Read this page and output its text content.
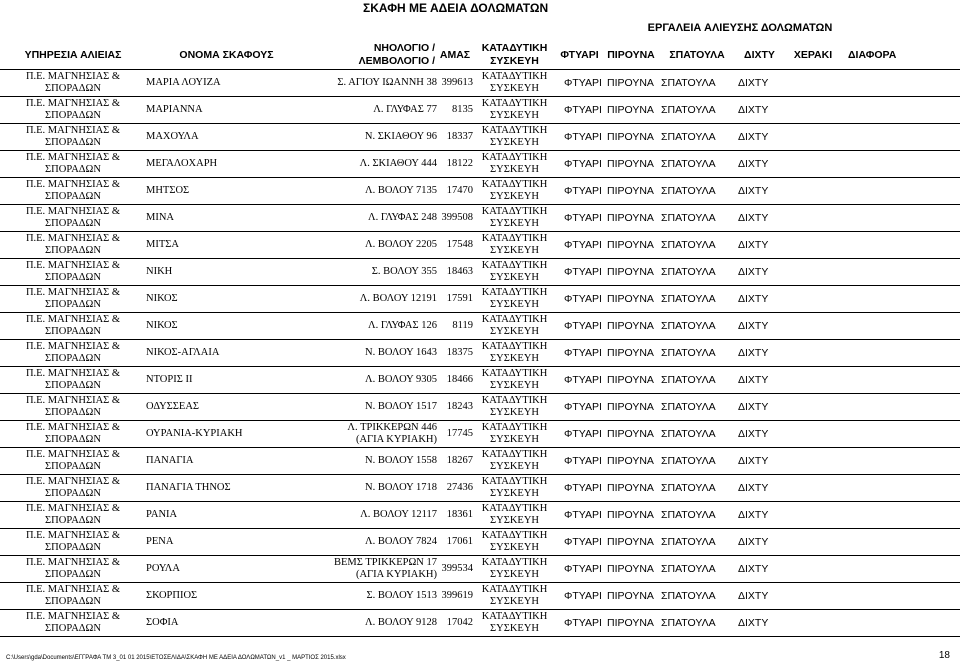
ΣΚΑΦΗ ΜΕ ΑΔΕΙΑ ΔΟΛΩΜΑΤΩΝ
ΕΡΓΑΛΕΙΑ ΑΛΙΕΥΣΗΣ ΔΟΛΩΜΑΤΩΝ
ΥΠΗΡΕΣΙΑ ΑΛΙΕΙΑΣ	ΟΝΟΜΑ ΣΚΑΦΟΥΣ	ΝΗΟΛΟΓΙΟ /
ΛΕΜΒΟΛΟΓΙΟ /	ΑΜΑΣ	ΚΑΤΑΔΥΤΙΚΗ
ΣΥΣΚΕΥΗ	ΦΤΥΑΡΙ	ΠΙΡΟΥΝΑ	ΣΠΑΤΟΥΛΑ	ΔΙΧΤΥ	ΧΕΡΑΚΙ	ΔΙΑΦΟΡΑ
Π.Ε. ΜΑΓΝΗΣΙΑΣ &
ΣΠΟΡΑΔΩΝ	ΜΑΡΙΑ ΛΟΥΙΖΑ	Σ. ΑΓΙΟΥ ΙΩΑΝΝΗ 38	399613	ΚΑΤΑΔΥΤΙΚΗ
ΣΥΣΚΕΥΗ	ΦΤΥΑΡΙ	ΠΙΡΟΥΝΑ	ΣΠΑΤΟΥΛΑ	ΔΙΧΤΥ		
Π.Ε. ΜΑΓΝΗΣΙΑΣ &
ΣΠΟΡΑΔΩΝ	ΜΑΡΙΑΝΝΑ	Λ. ΓΛΥΦΑΣ 77	8135	ΚΑΤΑΔΥΤΙΚΗ
ΣΥΣΚΕΥΗ	ΦΤΥΑΡΙ	ΠΙΡΟΥΝΑ	ΣΠΑΤΟΥΛΑ	ΔΙΧΤΥ		
Π.Ε. ΜΑΓΝΗΣΙΑΣ &
ΣΠΟΡΑΔΩΝ	ΜΑΧΟΥΛΑ	Ν. ΣΚΙΑΘΟΥ 96	18337	ΚΑΤΑΔΥΤΙΚΗ
ΣΥΣΚΕΥΗ	ΦΤΥΑΡΙ	ΠΙΡΟΥΝΑ	ΣΠΑΤΟΥΛΑ	ΔΙΧΤΥ		
Π.Ε. ΜΑΓΝΗΣΙΑΣ &
ΣΠΟΡΑΔΩΝ	ΜΕΓΑΛΟΧΑΡΗ	Λ. ΣΚΙΑΘΟΥ 444	18122	ΚΑΤΑΔΥΤΙΚΗ
ΣΥΣΚΕΥΗ	ΦΤΥΑΡΙ	ΠΙΡΟΥΝΑ	ΣΠΑΤΟΥΛΑ	ΔΙΧΤΥ		
Π.Ε. ΜΑΓΝΗΣΙΑΣ &
ΣΠΟΡΑΔΩΝ	ΜΗΤΣΟΣ	Λ. ΒΟΛΟΥ 7135	17470	ΚΑΤΑΔΥΤΙΚΗ
ΣΥΣΚΕΥΗ	ΦΤΥΑΡΙ	ΠΙΡΟΥΝΑ	ΣΠΑΤΟΥΛΑ	ΔΙΧΤΥ		
Π.Ε. ΜΑΓΝΗΣΙΑΣ &
ΣΠΟΡΑΔΩΝ	ΜΙΝΑ	Λ. ΓΛΥΦΑΣ 248	399508	ΚΑΤΑΔΥΤΙΚΗ
ΣΥΣΚΕΥΗ	ΦΤΥΑΡΙ	ΠΙΡΟΥΝΑ	ΣΠΑΤΟΥΛΑ	ΔΙΧΤΥ		
Π.Ε. ΜΑΓΝΗΣΙΑΣ &
ΣΠΟΡΑΔΩΝ	ΜΙΤΣΑ	Λ. ΒΟΛΟΥ 2205	17548	ΚΑΤΑΔΥΤΙΚΗ
ΣΥΣΚΕΥΗ	ΦΤΥΑΡΙ	ΠΙΡΟΥΝΑ	ΣΠΑΤΟΥΛΑ	ΔΙΧΤΥ		
Π.Ε. ΜΑΓΝΗΣΙΑΣ &
ΣΠΟΡΑΔΩΝ	ΝΙΚΗ	Σ. ΒΟΛΟΥ 355	18463	ΚΑΤΑΔΥΤΙΚΗ
ΣΥΣΚΕΥΗ	ΦΤΥΑΡΙ	ΠΙΡΟΥΝΑ	ΣΠΑΤΟΥΛΑ	ΔΙΧΤΥ		
Π.Ε. ΜΑΓΝΗΣΙΑΣ &
ΣΠΟΡΑΔΩΝ	ΝΙΚΟΣ	Λ. ΒΟΛΟΥ 12191	17591	ΚΑΤΑΔΥΤΙΚΗ
ΣΥΣΚΕΥΗ	ΦΤΥΑΡΙ	ΠΙΡΟΥΝΑ	ΣΠΑΤΟΥΛΑ	ΔΙΧΤΥ		
Π.Ε. ΜΑΓΝΗΣΙΑΣ &
ΣΠΟΡΑΔΩΝ	ΝΙΚΟΣ	Λ. ΓΛΥΦΑΣ 126	8119	ΚΑΤΑΔΥΤΙΚΗ
ΣΥΣΚΕΥΗ	ΦΤΥΑΡΙ	ΠΙΡΟΥΝΑ	ΣΠΑΤΟΥΛΑ	ΔΙΧΤΥ		
Π.Ε. ΜΑΓΝΗΣΙΑΣ &
ΣΠΟΡΑΔΩΝ	ΝΙΚΟΣ-ΑΓΛΑΙΑ	Ν. ΒΟΛΟΥ 1643	18375	ΚΑΤΑΔΥΤΙΚΗ
ΣΥΣΚΕΥΗ	ΦΤΥΑΡΙ	ΠΙΡΟΥΝΑ	ΣΠΑΤΟΥΛΑ	ΔΙΧΤΥ		
Π.Ε. ΜΑΓΝΗΣΙΑΣ &
ΣΠΟΡΑΔΩΝ	ΝΤΟΡΙΣ ΙΙ	Λ. ΒΟΛΟΥ 9305	18466	ΚΑΤΑΔΥΤΙΚΗ
ΣΥΣΚΕΥΗ	ΦΤΥΑΡΙ	ΠΙΡΟΥΝΑ	ΣΠΑΤΟΥΛΑ	ΔΙΧΤΥ		
Π.Ε. ΜΑΓΝΗΣΙΑΣ &
ΣΠΟΡΑΔΩΝ	ΟΔΥΣΣΕΑΣ	Ν. ΒΟΛΟΥ 1517	18243	ΚΑΤΑΔΥΤΙΚΗ
ΣΥΣΚΕΥΗ	ΦΤΥΑΡΙ	ΠΙΡΟΥΝΑ	ΣΠΑΤΟΥΛΑ	ΔΙΧΤΥ		
Π.Ε. ΜΑΓΝΗΣΙΑΣ &
ΣΠΟΡΑΔΩΝ	ΟΥΡΑΝΙΑ-ΚΥΡΙΑΚΗ	Λ. ΤΡΙΚΚΕΡΩΝ 446
(ΑΓΙΑ ΚΥΡΙΑΚΗ)	17745	ΚΑΤΑΔΥΤΙΚΗ
ΣΥΣΚΕΥΗ	ΦΤΥΑΡΙ	ΠΙΡΟΥΝΑ	ΣΠΑΤΟΥΛΑ	ΔΙΧΤΥ		
Π.Ε. ΜΑΓΝΗΣΙΑΣ &
ΣΠΟΡΑΔΩΝ	ΠΑΝΑΓΙΑ	Ν. ΒΟΛΟΥ 1558	18267	ΚΑΤΑΔΥΤΙΚΗ
ΣΥΣΚΕΥΗ	ΦΤΥΑΡΙ	ΠΙΡΟΥΝΑ	ΣΠΑΤΟΥΛΑ	ΔΙΧΤΥ		
Π.Ε. ΜΑΓΝΗΣΙΑΣ &
ΣΠΟΡΑΔΩΝ	ΠΑΝΑΓΙΑ ΤΗΝΟΣ	Ν. ΒΟΛΟΥ 1718	27436	ΚΑΤΑΔΥΤΙΚΗ
ΣΥΣΚΕΥΗ	ΦΤΥΑΡΙ	ΠΙΡΟΥΝΑ	ΣΠΑΤΟΥΛΑ	ΔΙΧΤΥ		
Π.Ε. ΜΑΓΝΗΣΙΑΣ &
ΣΠΟΡΑΔΩΝ	ΡΑΝΙΑ	Λ. ΒΟΛΟΥ 12117	18361	ΚΑΤΑΔΥΤΙΚΗ
ΣΥΣΚΕΥΗ	ΦΤΥΑΡΙ	ΠΙΡΟΥΝΑ	ΣΠΑΤΟΥΛΑ	ΔΙΧΤΥ		
Π.Ε. ΜΑΓΝΗΣΙΑΣ &
ΣΠΟΡΑΔΩΝ	ΡΕΝΑ	Λ. ΒΟΛΟΥ 7824	17061	ΚΑΤΑΔΥΤΙΚΗ
ΣΥΣΚΕΥΗ	ΦΤΥΑΡΙ	ΠΙΡΟΥΝΑ	ΣΠΑΤΟΥΛΑ	ΔΙΧΤΥ		
Π.Ε. ΜΑΓΝΗΣΙΑΣ &
ΣΠΟΡΑΔΩΝ	ΡΟΥΛΑ	ΒΕΜΣ ΤΡΙΚΚΕΡΩΝ 17
(ΑΓΙΑ ΚΥΡΙΑΚΗ)	399534	ΚΑΤΑΔΥΤΙΚΗ
ΣΥΣΚΕΥΗ	ΦΤΥΑΡΙ	ΠΙΡΟΥΝΑ	ΣΠΑΤΟΥΛΑ	ΔΙΧΤΥ		
Π.Ε. ΜΑΓΝΗΣΙΑΣ &
ΣΠΟΡΑΔΩΝ	ΣΚΟΡΠΙΟΣ	Σ. ΒΟΛΟΥ 1513	399619	ΚΑΤΑΔΥΤΙΚΗ
ΣΥΣΚΕΥΗ	ΦΤΥΑΡΙ	ΠΙΡΟΥΝΑ	ΣΠΑΤΟΥΛΑ	ΔΙΧΤΥ		
Π.Ε. ΜΑΓΝΗΣΙΑΣ &
ΣΠΟΡΑΔΩΝ	ΣΟΦΙΑ	Λ. ΒΟΛΟΥ 9128	17042	ΚΑΤΑΔΥΤΙΚΗ
ΣΥΣΚΕΥΗ	ΦΤΥΑΡΙ	ΠΙΡΟΥΝΑ	ΣΠΑΤΟΥΛΑ	ΔΙΧΤΥ		
C:\Users\gda\Documents\ΕΓΓΡΑΦΑ ΤΜ 3_01 01 2015\ΕΤΟΣΕΛΙΔΑ\ΣΚΑΦΗ ΜΕ ΑΔΕΙΑ ΔΟΛΩΜΑΤΩΝ_v1 _ ΜΑΡΤΙΟΣ 2015.xlsx	18
